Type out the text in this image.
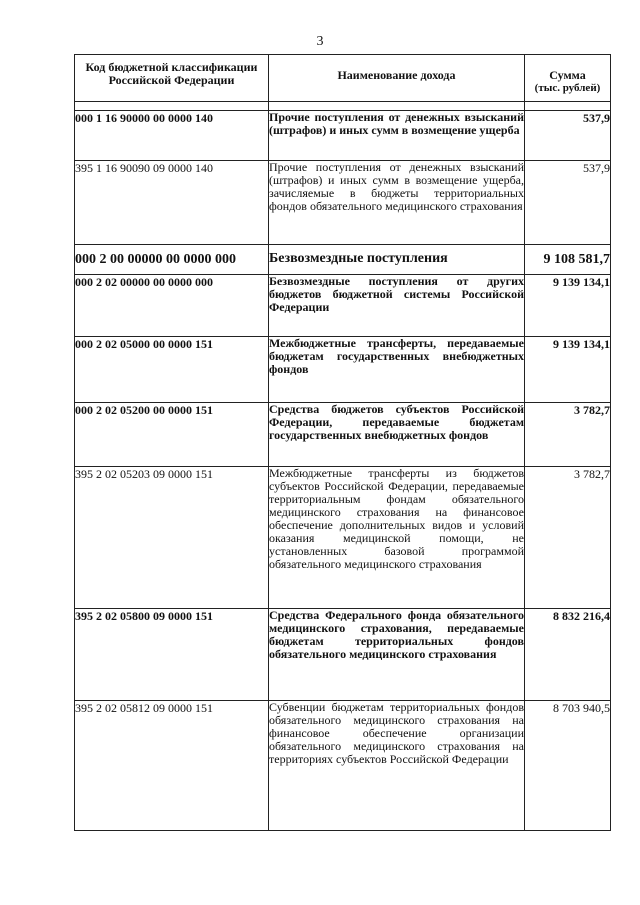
3
Код бюджетной классификации Российской Федерации	Наименование дохода	Сумма
(тыс. рублей)

000 1 16 90000 00 0000 140	Прочие поступления от денежных взысканий (штрафов) и иных сумм в возмещение ущерба	537,9
395 1 16 90090 09 0000 140	Прочие поступления от денежных взысканий (штрафов) и иных сумм в возмещение ущерба, зачисляемые в бюджеты территориальных фондов обязательного медицинского страхования	537,9
000 2 00 00000 00 0000 000	Безвозмездные поступления	9 108 581,7
000 2 02 00000 00 0000 000	Безвозмездные поступления от других бюджетов бюджетной системы Российской Федерации	9 139 134,1
000 2 02 05000 00 0000 151	Межбюджетные трансферты, передаваемые бюджетам государственных внебюджетных фондов	9 139 134,1
000 2 02 05200 00 0000 151	Средства бюджетов субъектов Российской Федерации, передаваемые бюджетам государственных внебюджетных фондов	3 782,7
395 2 02 05203 09 0000 151	Межбюджетные трансферты из бюджетов субъектов Российской Федерации, передаваемые территориальным фондам обязательного медицинского страхования на финансовое обеспечение дополнительных видов и условий оказания медицинской помощи, не установленных базовой программой обязательного медицинского страхования	3 782,7
395 2 02 05800 09 0000 151	Средства Федерального фонда обязательного медицинского страхования, передаваемые бюджетам территориальных фондов обязательного медицинского страхования	8 832 216,4
395 2 02 05812 09 0000 151	Субвенции бюджетам территориальных фондов обязательного медицинского страхования на финансовое обеспечение организации обязательного медицинского страхования на территориях субъектов Российской Федерации	8 703 940,5
